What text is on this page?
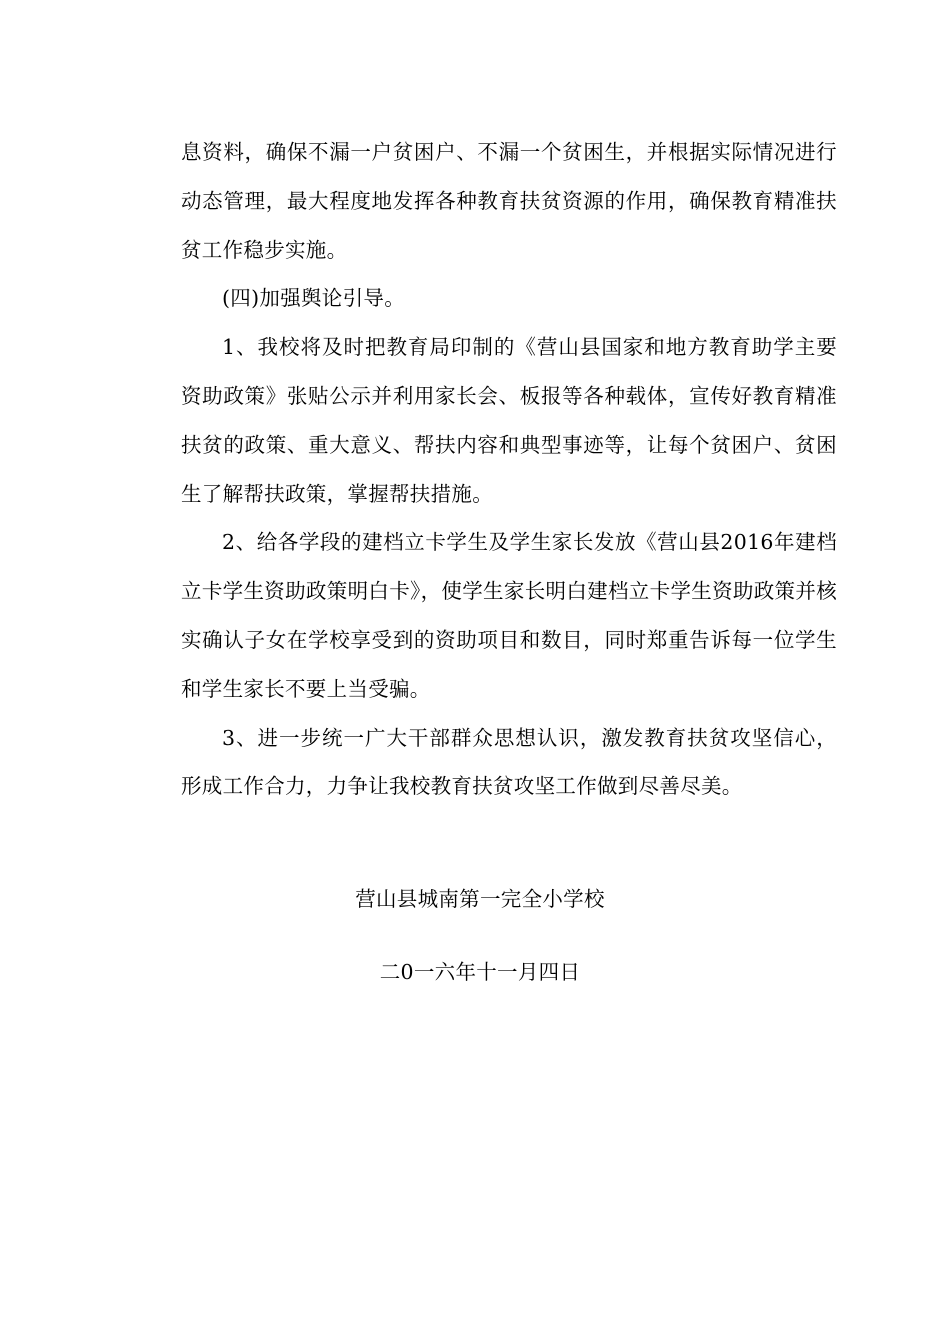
息资料，确保不漏一户贫困户、不漏一个贫困生，并根据实际情况进行动态管理，最大程度地发挥各种教育扶贫资源的作用，确保教育精准扶贫工作稳步实施。

(四)加强舆论引导。

1、我校将及时把教育局印制的《营山县国家和地方教育助学主要资助政策》张贴公示并利用家长会、板报等各种载体，宣传好教育精准扶贫的政策、重大意义、帮扶内容和典型事迹等，让每个贫困户、贫困生了解帮扶政策，掌握帮扶措施。

2、给各学段的建档立卡学生及学生家长发放《营山县2016年建档立卡学生资助政策明白卡》，使学生家长明白建档立卡学生资助政策并核实确认子女在学校享受到的资助项目和数目，同时郑重告诉每一位学生和学生家长不要上当受骗。

3、进一步统一广大干部群众思想认识，激发教育扶贫攻坚信心，形成工作合力，力争让我校教育扶贫攻坚工作做到尽善尽美。

营山县城南第一完全小学校
二0一六年十一月四日
